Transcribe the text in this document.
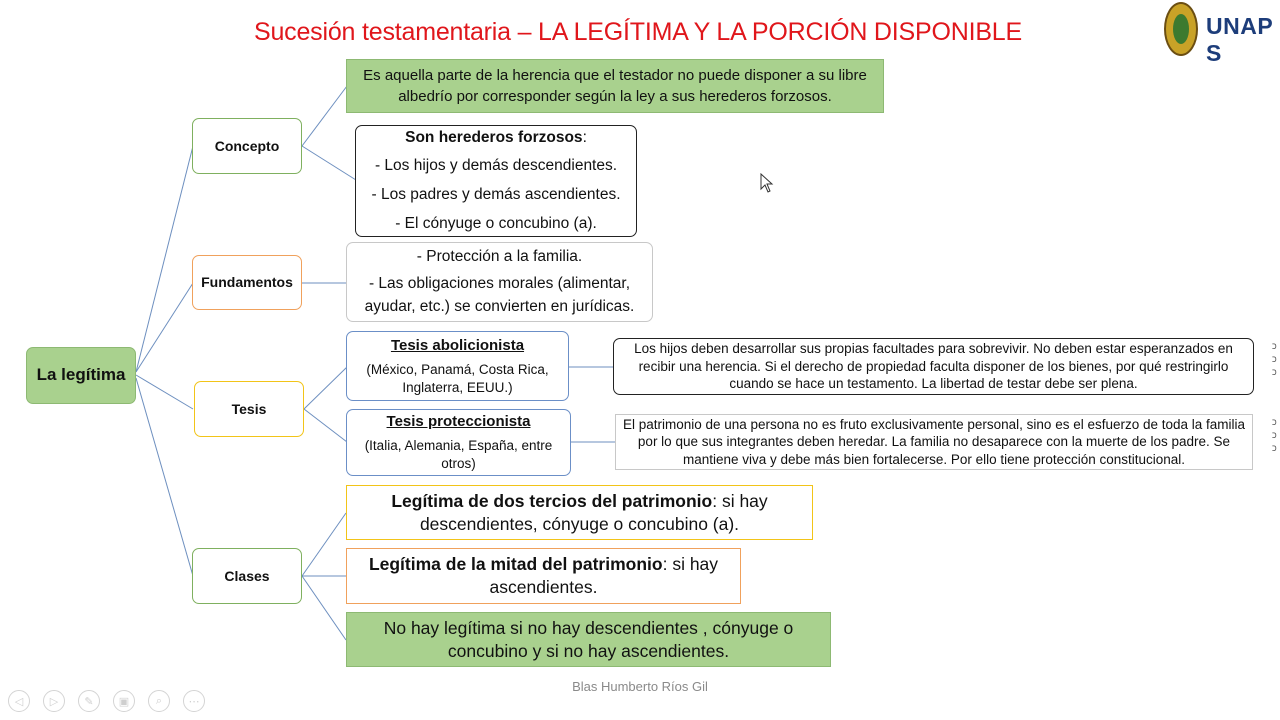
Sucesión testamentaria – LA LEGÍTIMA Y LA PORCIÓN DISPONIBLE	UNAP S
La legítima
Concepto
Es aquella parte de la herencia que el testador no puede disponer a su libre albedrío por corresponder según la ley a sus herederos forzosos.
Son herederos forzosos:
- Los hijos y demás descendientes.
- Los padres y demás ascendientes.
- El cónyuge o concubino (a).
Fundamentos
- Protección a la familia.
- Las obligaciones morales (alimentar, ayudar, etc.) se convierten en jurídicas.
Tesis
Tesis abolicionista
(México, Panamá, Costa Rica, Inglaterra, EEUU.)
Tesis proteccionista
(Italia, Alemania, España, entre otros)
Los hijos deben desarrollar sus propias facultades para sobrevivir. No deben estar esperanzados en recibir una herencia. Si el derecho de propiedad faculta disponer de los bienes, por qué restringirlo cuando se hace un testamento. La libertad de testar debe ser plena.
El patrimonio de una persona no es fruto exclusivamente personal, sino es el esfuerzo de toda la familia por lo que sus integrantes deben heredar. La familia no desaparece con la muerte de los padre. Se mantiene viva y debe más bien fortalecerse. Por ello tiene protección constitucional.
Clases
Legítima de dos tercios del patrimonio: si hay descendientes, cónyuge o concubino (a).
Legítima de la mitad del patrimonio: si hay ascendientes.
No hay legítima si no hay descendientes , cónyuge o concubino y si no hay ascendientes.
ﬤ
ﬤ
ﬤ
ﬤ
ﬤ
ﬤ
Blas Humberto Ríos Gil
◁	▷	✎	▣	⌕	⋯
